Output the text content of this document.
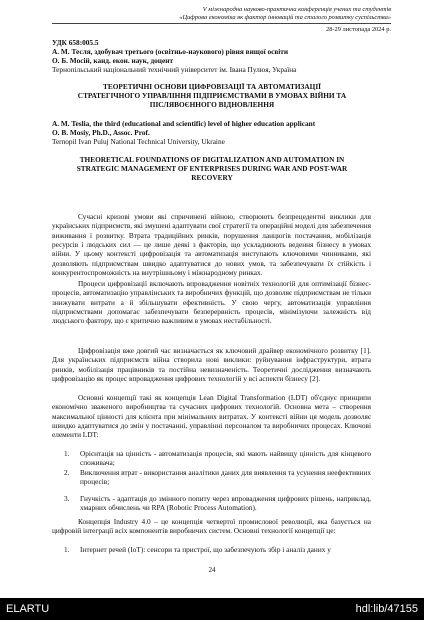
V міжнародна науково-практична конференція учених та студентів
«Цифрова економіка як фактор інновацій та сталого розвитку суспільства»
28-29 листопада 2024 р.
УДК 658:005.5
А. М. Тесля, здобувач третього (освітньо-наукового) рівня вищої освіти
О. Б. Мосій, канд. екон. наук, доцент
Тернопільський національний технічний університет ім. Івана Пулюя, Україна
ТЕОРЕТИЧНІ ОСНОВИ ЦИФРОВІЗАЦІЇ ТА АВТОМАТИЗАЦІЇ
СТРАТЕГІЧНОГО УПРАВЛІННЯ ПІДПРИЄМСТВАМИ В УМОВАХ ВІЙНИ ТА
ПІСЛЯВОЄННОГО ВІДНОВЛЕННЯ
A. M. Teslia, the third (educational and scientific) level of higher education applicant
O. B. Mosiy, Ph.D., Assoc. Prof.
Ternopil Ivan Puluj National Technical University, Ukraine
THEORETICAL FOUNDATIONS OF DIGITALIZATION AND AUTOMATION IN
STRATEGIC MANAGEMENT OF ENTERPRISES DURING WAR AND POST-WAR
RECOVERY
Сучасні кризові умови які спричинені війною, створюють безпрецедентні виклики для українських підприємств, які змушені адаптувати свої стратегії та операційні моделі для забезпечення виживання і розвитку. Втрата традиційних ринків, порушення ланцюгів постачання, мобілізація ресурсів і людських сил — це лише деякі з факторів, що ускладнюють ведення бізнесу в умовах війни. У цьому контексті цифровізація та автоматизація виступають ключовими чинниками, які дозволяють підприємствам швидко адаптуватися до нових умов, та забезпечувати їх стійкість і конкурентоспроможність на внутрішньому і міжнародному ринках.
Процеси цифровізації включають впровадження новітніх технологій для оптимізації бізнес-процесів, автоматизацію управлінських та виробничих функцій, що дозволяє підприємствам не тільки знижувати витрати а й збільшувати ефективність. У свою чергу, автоматизація управління підприємствами допомагає забезпечувати безперервність процесів, мінімізуючи залежність від людського фактору, що є критично важливим в умовах нестабільності.
Цифровізація вже довгий час визначається як ключовий драйвер економічного розвитку [1]. Для українських підприємств війна створила нові виклики: руйнування інфраструктури, втрата ринків, мобілізація працівників та постійна невизначеність. Теоретичні дослідження визначають цифровізацію як процес впровадження цифрових технологій у всі аспекти бізнесу [2].
Основні концепції такі як концепція Lean Digital Transformation (LDT) об'єднує принципи економічно зваженого виробництва та сучасних цифрових технологій. Основна мета – створення максимальної цінності для клієнта при мінімальних витратах. У контексті війни ця модель дозволяє швидко адаптуватися до змін у постачанні, управлінні персоналом та виробничих процесах. Ключові елементи LDT:
1. Орієнтація на цінність - автоматизація процесів, які мають найвищу цінність для кінцевого споживача;
2. Виключення втрат - використання аналітики даних для виявлення та усунення неефективних процесів;
3. Гнучкість - адаптація до змінного попиту через впровадження цифрових рішень, наприклад, хмарних обчислень чи RPA (Robotic Process Automation).
Концепція Industry 4.0 – це концепція четвертої промислової революції, яка базується на цифровій інтеграції всіх компонентів виробничих систем. Основні технології концепції це:
1. Інтернет речей (IoT): сенсори та пристрої, що забезпечують збір і аналіз даних у
24
ELARTU	hdl:lib/47155
